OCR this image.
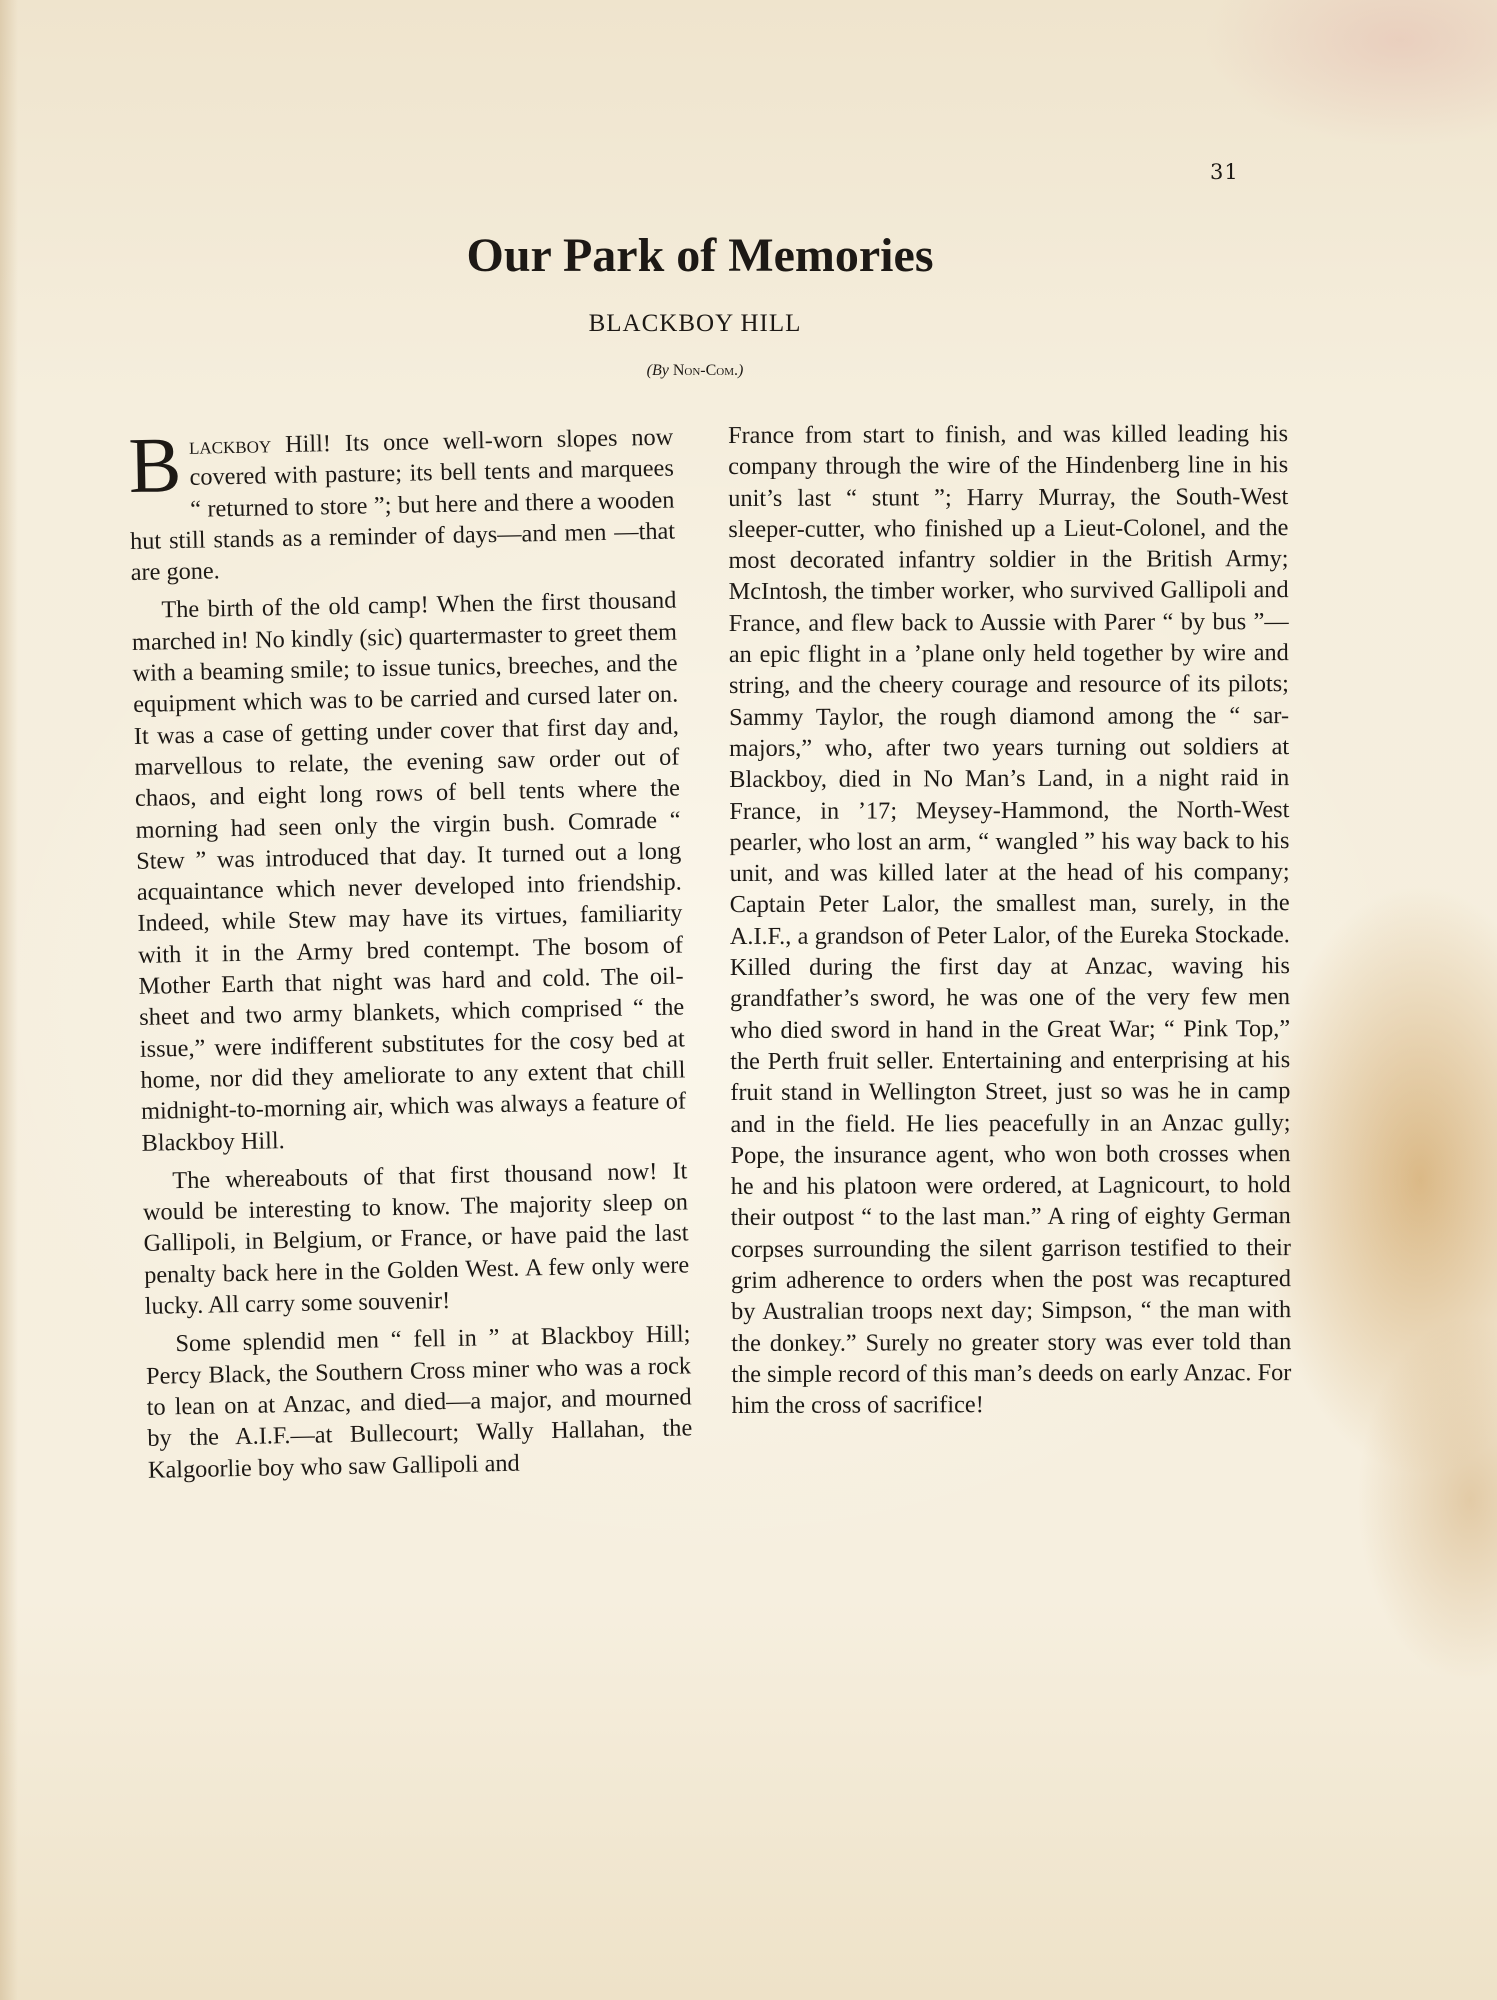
31
Our Park of Memories
BLACKBOY HILL
(By Non-Com.)

Blackboy Hill! Its once well-worn slopes now covered with pasture; its bell tents and marquees “ returned to store ”; but here and there a wooden hut still stands as a reminder of days—and men —that are gone.

The birth of the old camp! When the first thousand marched in! No kindly (sic) quartermaster to greet them with a beaming smile; to issue tunics, breeches, and the equipment which was to be carried and cursed later on. It was a case of getting under cover that first day and, marvellous to relate, the evening saw order out of chaos, and eight long rows of bell tents where the morning had seen only the virgin bush. Comrade “ Stew ” was introduced that day. It turned out a long acquaintance which never developed into friendship. Indeed, while Stew may have its virtues, familiarity with it in the Army bred contempt. The bosom of Mother Earth that night was hard and cold. The oil-sheet and two army blankets, which comprised “ the issue,” were indifferent substitutes for the cosy bed at home, nor did they ameliorate to any extent that chill midnight-to-morning air, which was always a feature of Blackboy Hill.

The whereabouts of that first thousand now! It would be interesting to know. The majority sleep on Gallipoli, in Belgium, or France, or have paid the last penalty back here in the Golden West. A few only were lucky. All carry some souvenir!

Some splendid men “ fell in ” at Blackboy Hill; Percy Black, the Southern Cross miner who was a rock to lean on at Anzac, and died—a major, and mourned by the A.I.F.—at Bullecourt; Wally Hallahan, the Kalgoorlie boy who saw Gallipoli and

France from start to finish, and was killed leading his company through the wire of the Hindenberg line in his unit’s last “ stunt ”; Harry Murray, the South-West sleeper-cutter, who finished up a Lieut-Colonel, and the most decorated infantry soldier in the British Army; McIntosh, the timber worker, who survived Gallipoli and France, and flew back to Aussie with Parer “ by bus ”—an epic flight in a ’plane only held together by wire and string, and the cheery courage and resource of its pilots; Sammy Taylor, the rough diamond among the “ sar-majors,” who, after two years turning out soldiers at Blackboy, died in No Man’s Land, in a night raid in France, in ’17; Meysey-Hammond, the North-West pearler, who lost an arm, “ wangled ” his way back to his unit, and was killed later at the head of his company; Captain Peter Lalor, the smallest man, surely, in the A.I.F., a grandson of Peter Lalor, of the Eureka Stockade. Killed during the first day at Anzac, waving his grandfather’s sword, he was one of the very few men who died sword in hand in the Great War; “ Pink Top,” the Perth fruit seller. Entertaining and enterprising at his fruit stand in Wellington Street, just so was he in camp and in the field. He lies peacefully in an Anzac gully; Pope, the insurance agent, who won both crosses when he and his platoon were ordered, at Lagnicourt, to hold their outpost “ to the last man.” A ring of eighty German corpses surrounding the silent garrison testified to their grim adherence to orders when the post was recaptured by Australian troops next day; Simpson, “ the man with the donkey.” Surely no greater story was ever told than the simple record of this man’s deeds on early Anzac. For him the cross of sacrifice!
